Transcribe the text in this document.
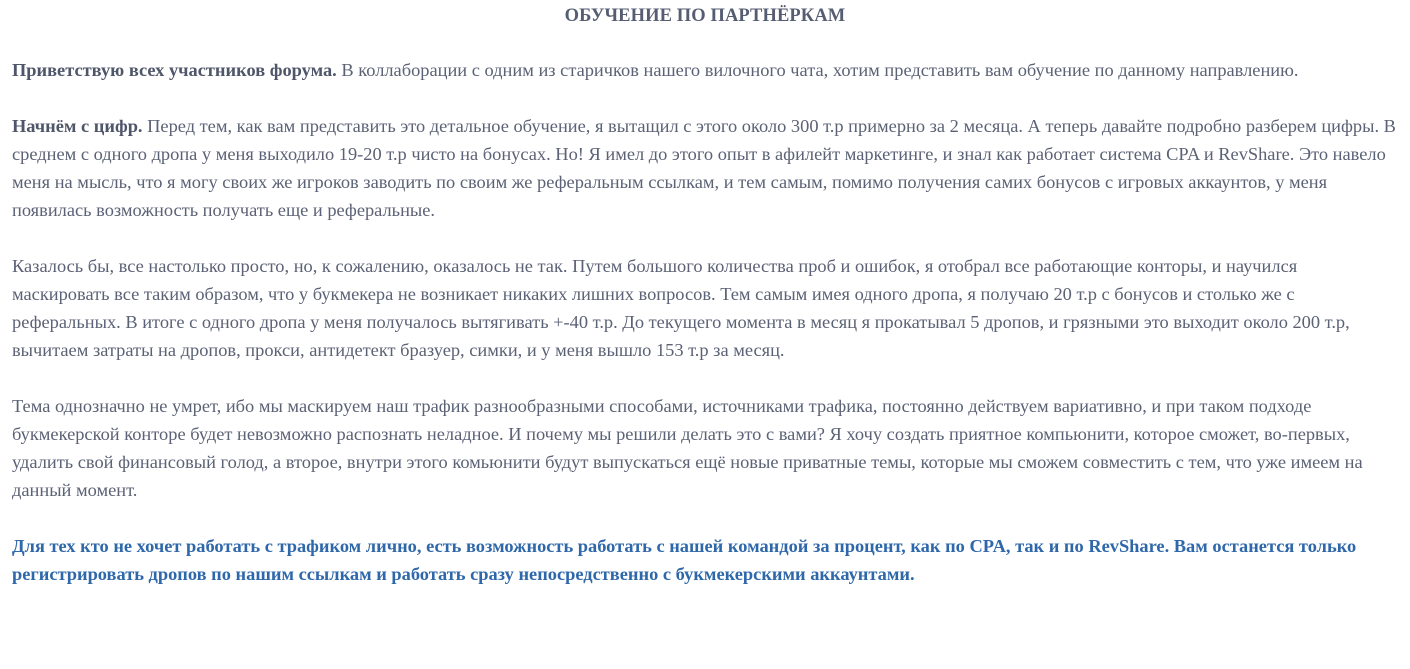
ОБУЧЕНИЕ ПО ПАРТНЁРКАМ

Приветствую всех участников форума. В коллаборации с одним из старичков нашего вилочного чата, хотим представить вам обучение по данному направлению.

Начнём с цифр. Перед тем, как вам представить это детальное обучение, я вытащил с этого около 300 т.р примерно за 2 месяца. А теперь давайте подробно разберем цифры. В среднем с одного дропа у меня выходило 19-20 т.р чисто на бонусах. Но! Я имел до этого опыт в афилейт маркетинге, и знал как работает система CPA и RevShare. Это навело меня на мысль, что я могу своих же игроков заводить по своим же реферальным ссылкам, и тем самым, помимо получения самих бонусов с игровых аккаунтов, у меня появилась возможность получать еще и реферальные.

Казалось бы, все настолько просто, но, к сожалению, оказалось не так. Путем большого количества проб и ошибок, я отобрал все работающие конторы, и научился маскировать все таким образом, что у букмекера не возникает никаких лишних вопросов. Тем самым имея одного дропа, я получаю 20 т.р с бонусов и столько же с реферальных. В итоге с одного дропа у меня получалось вытягивать +-40 т.р. До текущего момента в месяц я прокатывал 5 дропов, и грязными это выходит около 200 т.р, вычитаем затраты на дропов, прокси, антидетект бразуер, симки, и у меня вышло 153 т.р за месяц.

Тема однозначно не умрет, ибо мы маскируем наш трафик разнообразными способами, источниками трафика, постоянно действуем вариативно, и при таком подходе букмекерской конторе будет невозможно распознать неладное. И почему мы решили делать это с вами? Я хочу создать приятное компьюнити, которое сможет, во-первых, удалить свой финансовый голод, а второе, внутри этого комьюнити будут выпускаться ещё новые приватные темы, которые мы сможем совместить с тем, что уже имеем на данный момент.

Для тех кто не хочет работать с трафиком лично, есть возможность работать с нашей командой за процент, как по CPA, так и по RevShare. Вам останется только регистрировать дропов по нашим ссылкам и работать сразу непосредственно с букмекерскими аккаунтами.
